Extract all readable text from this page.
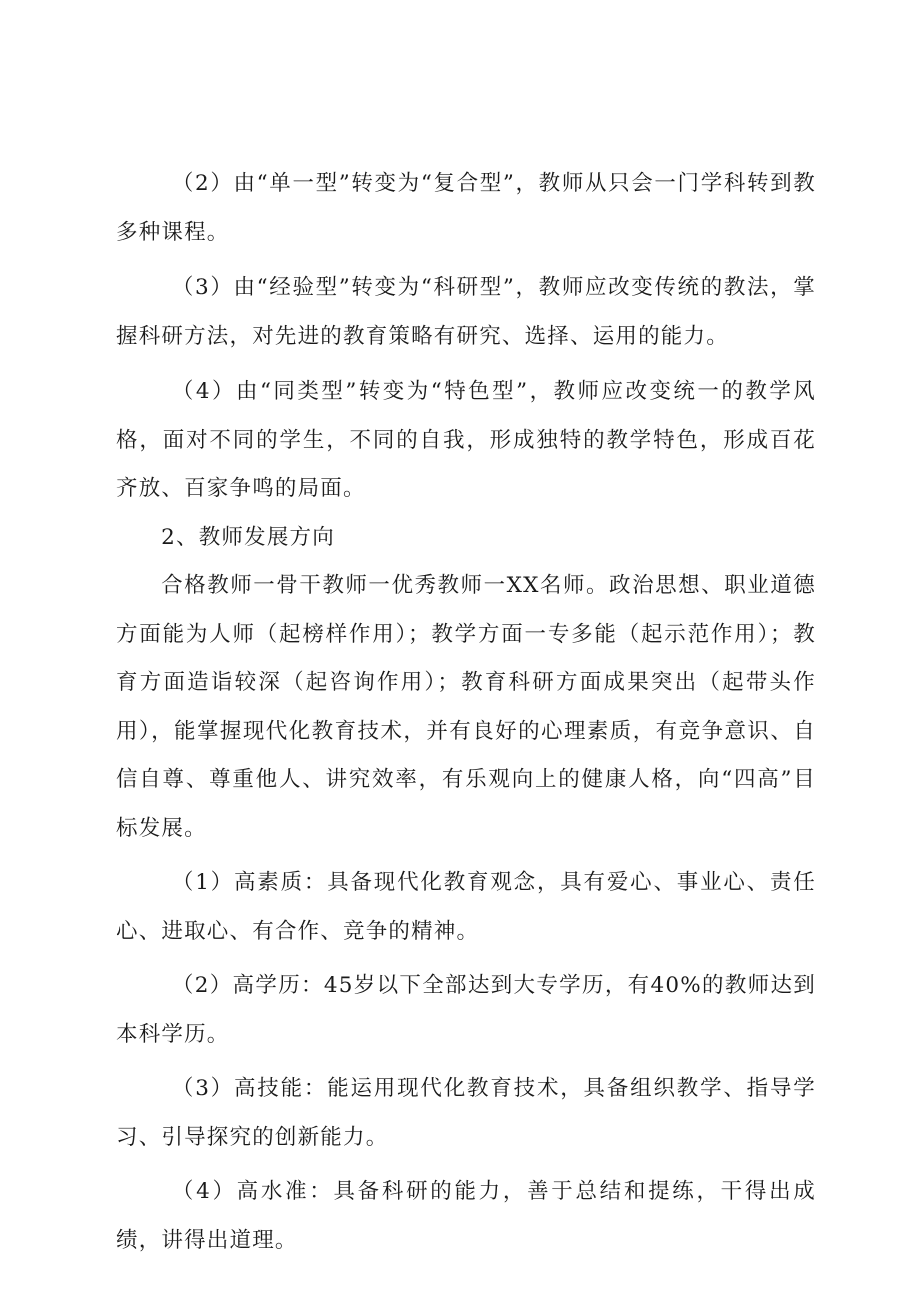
（2）由“单一型”转变为“复合型”，教师从只会一门学科转到教多种课程。

（3）由“经验型”转变为“科研型”，教师应改变传统的教法，掌握科研方法，对先进的教育策略有研究、选择、运用的能力。

（4）由“同类型”转变为“特色型”，教师应改变统一的教学风格，面对不同的学生，不同的自我，形成独特的教学特色，形成百花齐放、百家争鸣的局面。

2、教师发展方向

合格教师一骨干教师一优秀教师一XX名师。政治思想、职业道德方面能为人师（起榜样作用）；教学方面一专多能（起示范作用）；教育方面造诣较深（起咨询作用）；教育科研方面成果突出（起带头作用），能掌握现代化教育技术，并有良好的心理素质，有竞争意识、自信自尊、尊重他人、讲究效率，有乐观向上的健康人格，向“四高”目标发展。

（1）高素质：具备现代化教育观念，具有爱心、事业心、责任心、进取心、有合作、竞争的精神。

（2）高学历：45岁以下全部达到大专学历，有40%的教师达到本科学历。

（3）高技能：能运用现代化教育技术，具备组织教学、指导学习、引导探究的创新能力。

（4）高水准：具备科研的能力，善于总结和提练，干得出成绩，讲得出道理。
